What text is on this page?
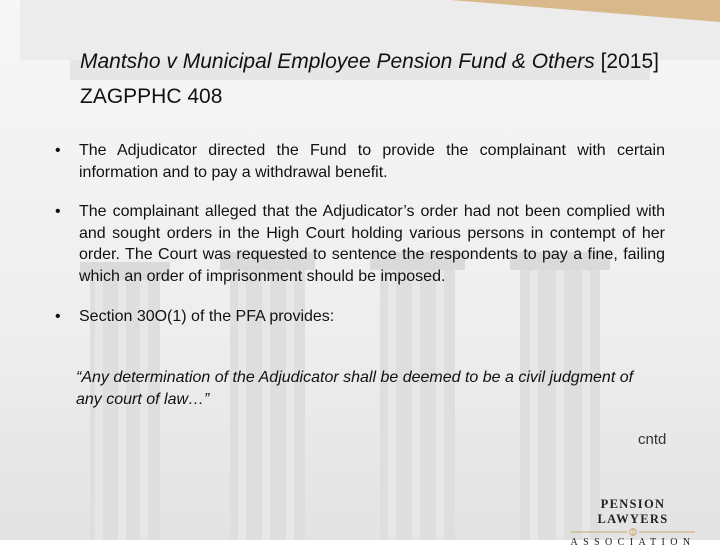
Mantsho v Municipal Employee Pension Fund & Others [2015] ZAGPPHC 408
• The Adjudicator directed the Fund to provide the complainant with certain information and to pay a withdrawal benefit.
• The complainant alleged that the Adjudicator’s order had not been complied with and sought orders in the High Court holding various persons in contempt of her order. The Court was requested to sentence the respondents to pay a fine, failing which an order of imprisonment should be imposed.
• Section 30O(1) of the PFA provides:
“Any determination of the Adjudicator shall be deemed to be a civil judgment of any court of law…”
cntd
PENSION LAWYERS
ASSOCIATION
